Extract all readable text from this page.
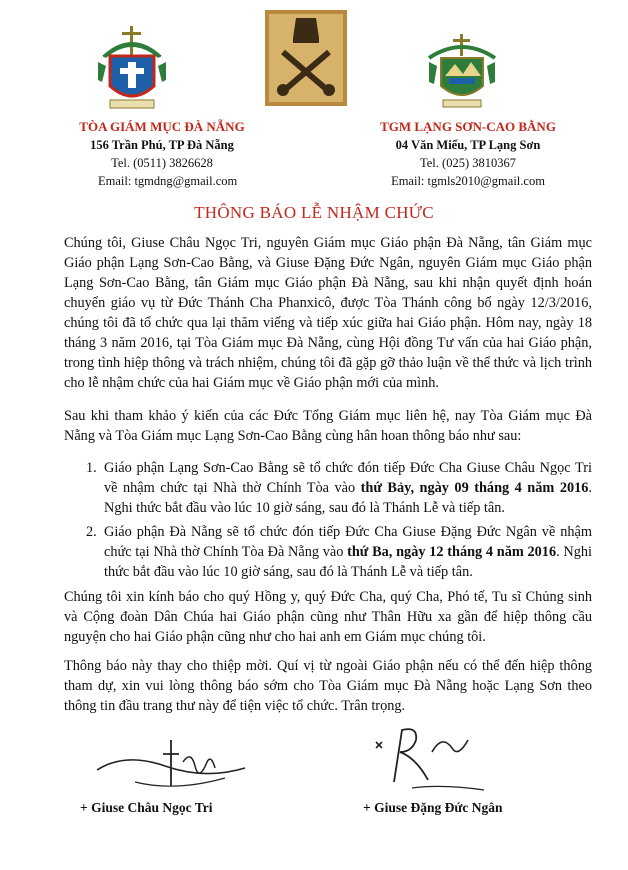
TÒA GIÁM MỤC ĐÀ NẴNG
156 Trần Phú, TP Đà Nẵng
Tel. (0511) 3826628
Email: tgmdng@gmail.com
TGM LẠNG SƠN-CAO BẰNG
04 Văn Miếu, TP Lạng Sơn
Tel. (025) 3810367
Email: tgmls2010@gmail.com
THÔNG BÁO LỄ NHẬM CHỨC
Chúng tôi, Giuse Châu Ngọc Tri, nguyên Giám mục Giáo phận Đà Nẵng, tân Giám mục Giáo phận Lạng Sơn-Cao Bằng, và Giuse Đặng Đức Ngân, nguyên Giám mục Giáo phận Lạng Sơn-Cao Bằng, tân Giám mục Giáo phận Đà Nẵng, sau khi nhận quyết định hoán chuyển giáo vụ từ Đức Thánh Cha Phanxicô, được Tòa Thánh công bố ngày 12/3/2016, chúng tôi đã tổ chức qua lại thăm viếng và tiếp xúc giữa hai Giáo phận. Hôm nay, ngày 18 tháng 3 năm 2016, tại Tòa Giám mục Đà Nẵng, cùng Hội đồng Tư vấn của hai Giáo phận, trong tình hiệp thông và trách nhiệm, chúng tôi đã gặp gỡ thảo luận về thể thức và lịch trình cho lễ nhậm chức của hai Giám mục về Giáo phận mới của mình.
Sau khi tham khảo ý kiến của các Đức Tổng Giám mục liên hệ, nay Tòa Giám mục Đà Nẵng và Tòa Giám mục Lạng Sơn-Cao Bằng cùng hân hoan thông báo như sau:
1. Giáo phận Lạng Sơn-Cao Bằng sẽ tổ chức đón tiếp Đức Cha Giuse Châu Ngọc Tri về nhậm chức tại Nhà thờ Chính Tòa vào thứ Bảy, ngày 09 tháng 4 năm 2016. Nghi thức bắt đầu vào lúc 10 giờ sáng, sau đó là Thánh Lễ và tiếp tân.
2. Giáo phận Đà Nẵng sẽ tổ chức đón tiếp Đức Cha Giuse Đặng Đức Ngân về nhậm chức tại Nhà thờ Chính Tòa Đà Nẵng vào thứ Ba, ngày 12 tháng 4 năm 2016. Nghi thức bắt đầu vào lúc 10 giờ sáng, sau đó là Thánh Lễ và tiếp tân.
Chúng tôi xin kính báo cho quý Hồng y, quý Đức Cha, quý Cha, Phó tế, Tu sĩ Chủng sinh và Cộng đoàn Dân Chúa hai Giáo phận cũng như Thân Hữu xa gần để hiệp thông cầu nguyện cho hai Giáo phận cũng như cho hai anh em Giám mục chúng tôi.
Thông báo này thay cho thiệp mời. Quí vị từ ngoài Giáo phận nếu có thể đến hiệp thông tham dự, xin vui lòng thông báo sớm cho Tòa Giám mục Đà Nẵng hoặc Lạng Sơn theo thông tin đầu trang thư này để tiện việc tổ chức. Trân trọng.
+ Giuse Châu Ngọc Tri	+ Giuse Đặng Đức Ngân
